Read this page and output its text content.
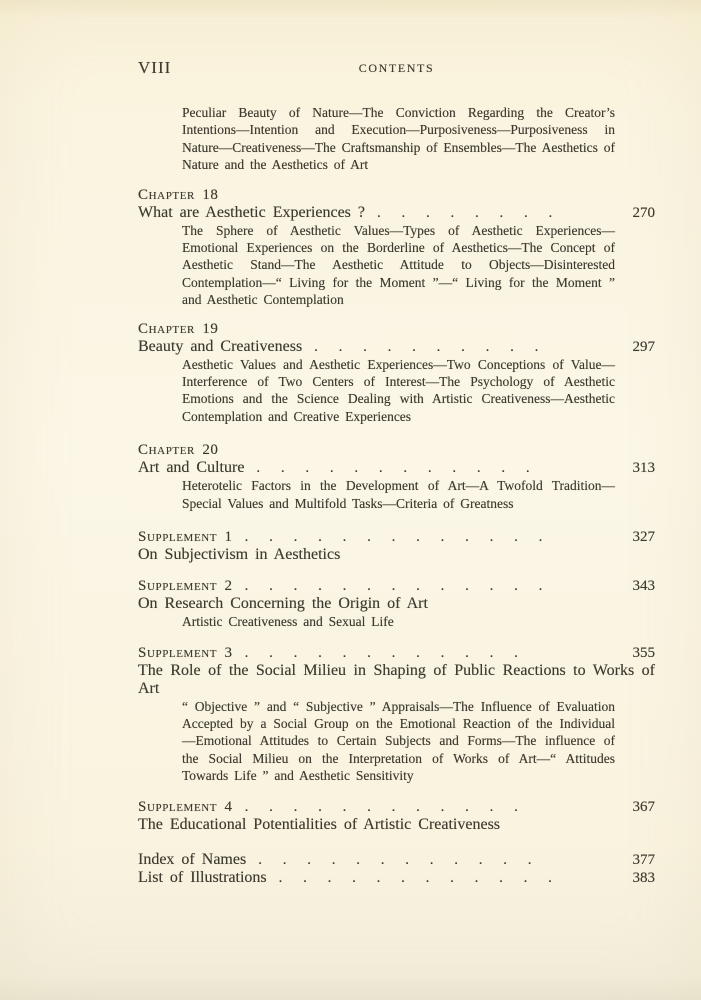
VIII	CONTENTS

Peculiar Beauty of Nature—The Conviction Regarding the Creator’s Intentions—Intention and Execution—Purposiveness—Purposiveness in Nature—Creativeness—The Craftsmanship of Ensembles—The Aesthetics of Nature and the Aesthetics of Art

Chapter 18
What are Aesthetic Experiences ? . . . . . . . .	270

The Sphere of Aesthetic Values—Types of Aesthetic Experiences—Emotional Experiences on the Borderline of Aesthetics—The Concept of Aesthetic Stand—The Aesthetic Attitude to Objects—Disinterested Contemplation—“ Living for the Moment ”—“ Living for the Moment ” and Aesthetic Contemplation

Chapter 19
Beauty and Creativeness . . . . . . . . . .	297

Aesthetic Values and Aesthetic Experiences—Two Conceptions of Value—Interference of Two Centers of Interest—The Psychology of Aesthetic Emotions and the Science Dealing with Artistic Creativeness—Aesthetic Contemplation and Creative Experiences

Chapter 20
Art and Culture . . . . . . . . . . . .	313

Heterotelic Factors in the Development of Art—A Twofold Tradition—Special Values and Multifold Tasks—Criteria of Greatness

Supplement 1 . . . . . . . . . . . . .	327
On Subjectivism in Aesthetics
Supplement 2 . . . . . . . . . . . . .	343
On Research Concerning the Origin of Art

Artistic Creativeness and Sexual Life

Supplement 3 . . . . . . . . . . . .	355
The Role of the Social Milieu in Shaping of Public Reactions to Works of Art

“ Objective ” and “ Subjective ” Appraisals—The Influence of Evaluation Accepted by a Social Group on the Emotional Reaction of the Individual—Emotional Attitudes to Certain Subjects and Forms—The influence of the Social Milieu on the Interpretation of Works of Art—“ Attitudes Towards Life ” and Aesthetic Sensitivity

Supplement 4 . . . . . . . . . . . .	367
The Educational Potentialities of Artistic Creativeness
Index of Names . . . . . . . . . . . .	377
List of Illustrations . . . . . . . . . . . .	383
